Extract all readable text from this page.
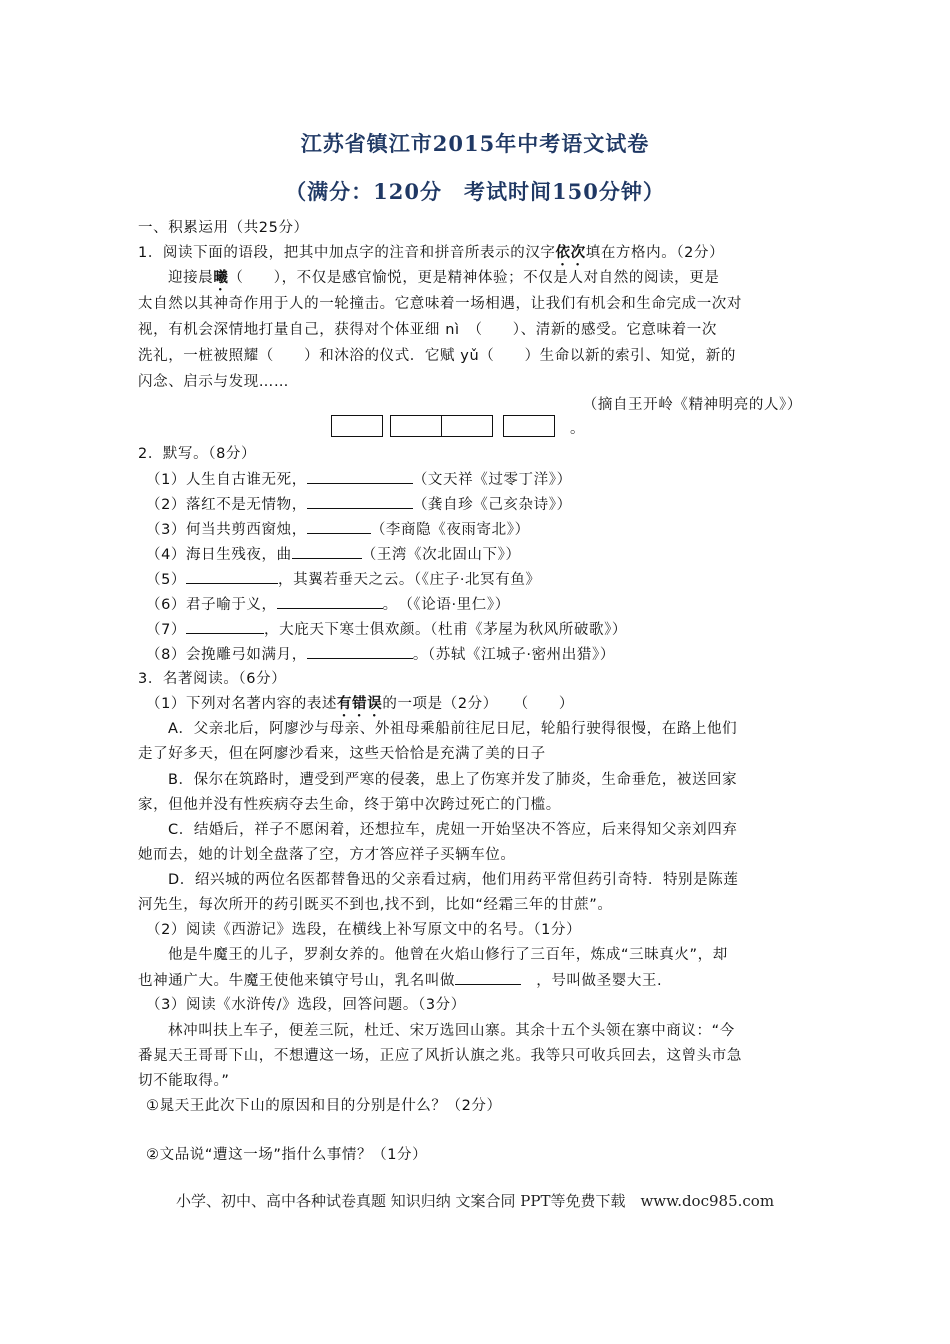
江苏省镇江市2015年中考语文试卷
（满分：120分　考试时间150分钟）
一、积累运用（共25分）
1．阅读下面的语段，把其中加点字的注音和拼音所表示的汉字依次填在方格内。（2分）
迎接晨曦（　　），不仅是感官愉悦，更是精神体验；不仅是人对自然的阅读，更是
太自然以其神奇作用于人的一轮撞击。它意味着一场相遇，让我们有机会和生命完成一次对
视，有机会深情地打量自己，获得对个体亚细 nì　（　　）、清新的感受。它意味着一次
洗礼，一桩被照耀（　　）和沐浴的仪式．它赋 yǔ（　　）生命以新的索引、知觉，新的
闪念、启示与发现……
（摘自王开岭《精神明亮的人》）
。
2．默写。（8分）
（1）人生自古谁无死，	（文天祥《过零丁洋》）
（2）落红不是无情物，	（龚自珍《己亥杂诗》）
（3）何当共剪西窗烛，	（李商隐《夜雨寄北》）
（4）海日生残夜，曲	（王湾《次北固山下》）
（5）	，其翼若垂天之云。（《庄子·北冥有鱼》
（6）君子喻于义，	。　（《论语·里仁》）
（7）	，大庇天下寒士俱欢颜。（杜甫《茅屋为秋风所破歌》）
（8）会挽雕弓如满月，	。（苏轼《江城子·密州出猎》）
3．名著阅读。（6分）
（1）下列对名著内容的表述有错误的一项是（2分）　　（　　）
A．父亲北后，阿廖沙与母亲、外祖母乘船前往尼日尼，轮船行驶得很慢，在路上他们
走了好多天，但在阿廖沙看来，这些天恰恰是充满了美的日子
B．保尔在筑路时，遭受到严寒的侵袭，患上了伤寒并发了肺炎，生命垂危，被送回家
家，但他并没有性疾病夺去生命，终于第中次跨过死亡的门槛。
C．结婚后，祥子不愿闲着，还想拉车，虎妞一开始坚决不答应，后来得知父亲刘四弃
她而去，她的计划全盘落了空，方才答应祥子买辆车位。
D．绍兴城的两位名医都替鲁迅的父亲看过病，他们用药平常但药引奇特．特别是陈莲
河先生，每次所开的药引既买不到也,找不到，比如“经霜三年的甘蔗”。
（2）阅读《西游记》选段，在横线上补写原文中的名号。（1分）
他是牛魔王的儿子，罗刹女养的。他曾在火焰山修行了三百年，炼成“三昧真火”，却
也神通广大。牛魔王使他来镇守号山，乳名叫做　	，号叫做圣婴大王.
（3）阅读《水浒传/》选段，回答问题。（3分）
林冲叫扶上车子，便差三阮，杜迁、宋万选回山寨。其余十五个头领在寨中商议：“今
番晁天王哥哥下山，不想遭这一场，正应了风折认旗之兆。我等只可收兵回去，这曾头市急
切不能取得。”
①晁天王此次下山的原因和目的分别是什么？（2分）
②文品说“遭这一场”指什么事情？（1分）
小学、初中、高中各种试卷真题 知识归纳 文案合同 PPT等免费下载　www.doc985.com
